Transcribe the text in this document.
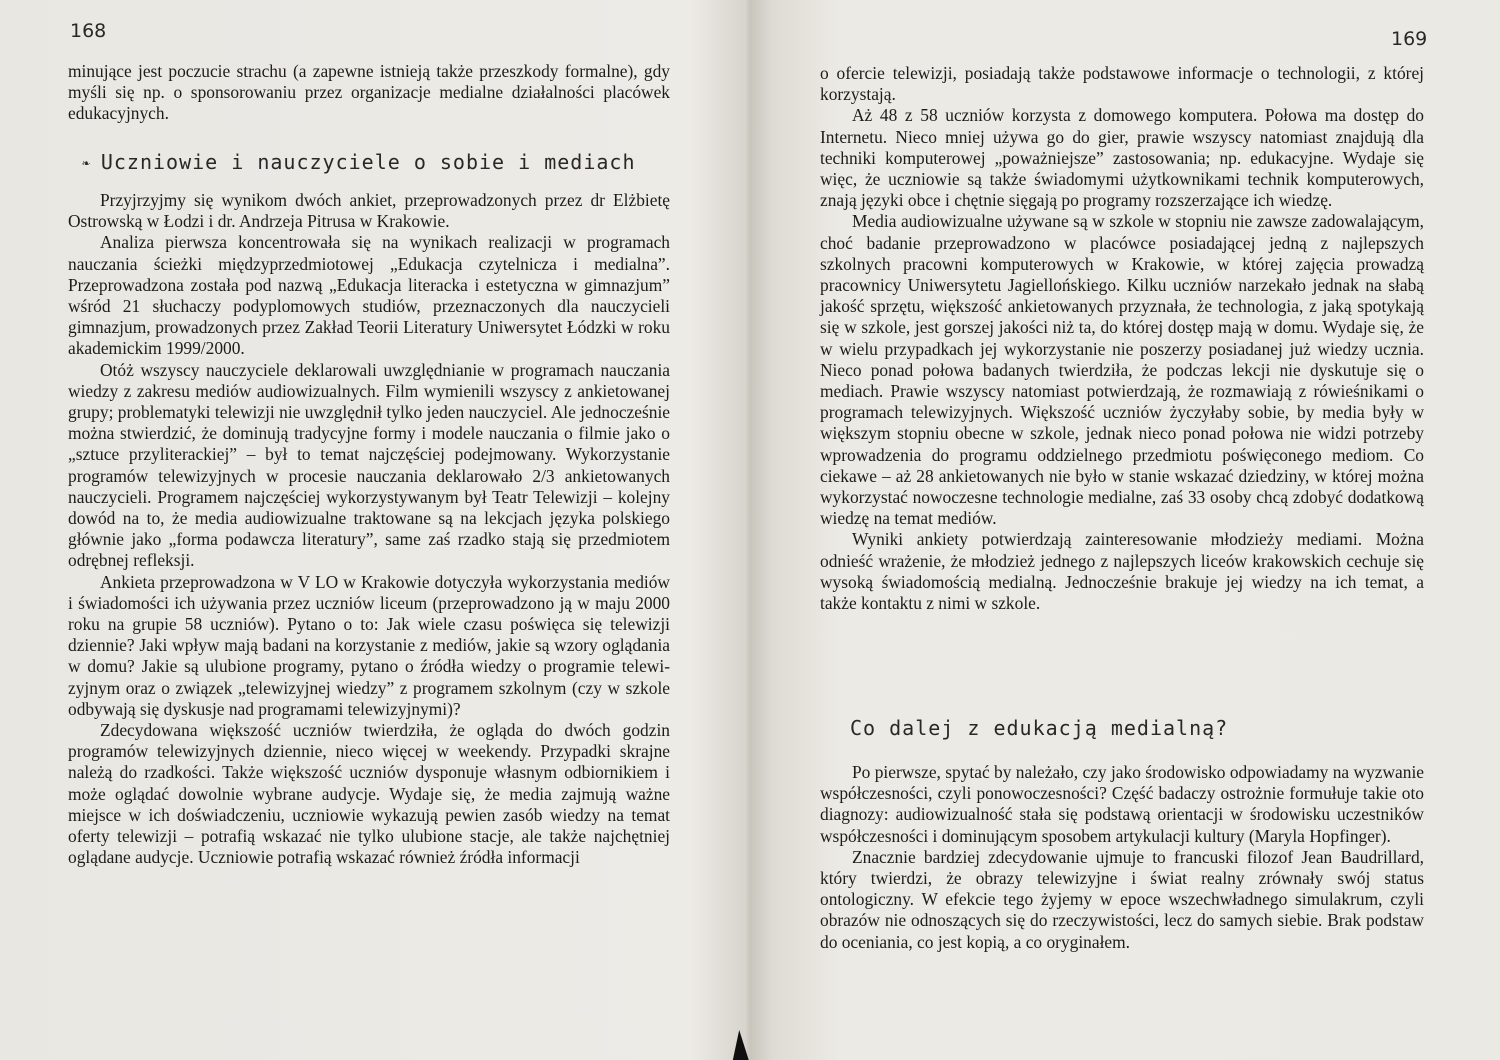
168

minujące jest poczucie strachu (a zapewne istnieją także przeszkody formalne), gdy myśli się np. o sponsorowaniu przez organizacje medialne działalności placówek edukacyjnych.

❧ Uczniowie i nauczyciele o sobie i mediach

Przyjrzyjmy się wynikom dwóch ankiet, przeprowadzonych przez dr Elżbietę Ostrowską w Łodzi i dr. Andrzeja Pitrusa w Krakowie.

Analiza pierwsza koncentrowała się na wynikach realizacji w programach nauczania ścieżki międzyprzedmiotowej „Edukacja czytelnicza i medialna”. Przeprowadzona została pod nazwą „Edukacja literacka i estetyczna w gimnazjum” wśród 21 słuchaczy podyplomowych studiów, przeznaczonych dla nauczycieli gimnazjum, prowadzonych przez Zakład Teorii Literatury Uniwersytet Łódzki w roku akademickim 1999/2000.

Otóż wszyscy nauczyciele deklarowali uwzględnianie w programach nauczania wiedzy z zakresu mediów audiowizualnych. Film wymienili wszyscy z ankietowanej grupy; problematyki telewizji nie uwzględnił tylko jeden nauczyciel. Ale jednocześnie można stwierdzić, że dominują tradycyjne formy i modele nauczania o filmie jako o „sztuce przyliterackiej” – był to temat najczęściej podejmowany. Wykorzystanie programów telewizyjnych w procesie nauczania deklarowało 2/3 ankietowanych nauczycieli. Programem najczęściej wykorzystywanym był Teatr Telewizji – kolejny dowód na to, że media audiowizualne traktowane są na lekcjach języka polskiego głównie jako „forma podawcza literatury”, same zaś rzadko stają się przedmiotem odrębnej refleksji.

Ankieta przeprowadzona w V LO w Krakowie dotyczyła wykorzystania mediów i świadomości ich używania przez uczniów liceum (przeprowadzono ją w maju 2000 roku na grupie 58 uczniów). Pytano o to: Jak wiele czasu poświęca się telewizji dziennie? Jaki wpływ mają badani na korzystanie z mediów, jakie są wzory oglądania w domu? Jakie są ulubione programy, pytano o źródła wiedzy o programie telewizyjnym oraz o związek „telewizyjnej wiedzy” z programem szkolnym (czy w szkole odbywają się dyskusje nad programami telewizyjnymi)?

Zdecydowana większość uczniów twierdziła, że ogląda do dwóch godzin programów telewizyjnych dziennie, nieco więcej w weekendy. Przypadki skrajne należą do rzadkości. Także większość uczniów dysponuje własnym odbiornikiem i może oglądać dowolnie wybrane audycje. Wydaje się, że media zajmują ważne miejsce w ich doświadczeniu, uczniowie wykazują pewien zasób wiedzy na temat oferty telewizji – potrafią wskazać nie tylko ulubione stacje, ale także najchętniej oglądane audycje. Uczniowie potrafią wskazać również źródła informacji

169

o ofercie telewizji, posiadają także podstawowe informacje o technologii, z której korzystają.

Aż 48 z 58 uczniów korzysta z domowego komputera. Połowa ma dostęp do Internetu. Nieco mniej używa go do gier, prawie wszyscy natomiast znajdują dla techniki komputerowej „poważniejsze” zastosowania; np. edukacyjne. Wydaje się więc, że uczniowie są także świadomymi użytkownikami technik komputerowych, znają języki obce i chętnie sięgają po programy rozszerzające ich wiedzę.

Media audiowizualne używane są w szkole w stopniu nie zawsze zadowalającym, choć badanie przeprowadzono w placówce posiadającej jedną z najlepszych szkolnych pracowni komputerowych w Krakowie, w której zajęcia prowadzą pracownicy Uniwersytetu Jagiellońskiego. Kilku uczniów narzekało jednak na słabą jakość sprzętu, większość ankietowanych przyznała, że technologia, z jaką spotykają się w szkole, jest gorszej jakości niż ta, do której dostęp mają w domu. Wydaje się, że w wielu przypadkach jej wykorzystanie nie poszerzy posiadanej już wiedzy ucznia. Nieco ponad połowa badanych twierdziła, że podczas lekcji nie dyskutuje się o mediach. Prawie wszyscy natomiast potwierdzają, że rozmawiają z rówieśnikami o programach telewizyjnych. Większość uczniów życzyłaby sobie, by media były w większym stopniu obecne w szkole, jednak nieco ponad połowa nie widzi potrzeby wprowadzenia do programu oddzielnego przedmiotu poświęconego mediom. Co ciekawe – aż 28 ankietowanych nie było w stanie wskazać dziedziny, w której można wykorzystać nowoczesne technologie medialne, zaś 33 osoby chcą zdobyć dodatkową wiedzę na temat mediów.

Wyniki ankiety potwierdzają zainteresowanie młodzieży mediami. Można odnieść wrażenie, że młodzież jednego z najlepszych liceów krakowskich cechuje się wysoką świadomością medialną. Jednocześnie brakuje jej wiedzy na ich temat, a także kontaktu z nimi w szkole.

Co dalej z edukacją medialną?

Po pierwsze, spytać by należało, czy jako środowisko odpowiadamy na wyzwanie współczesności, czyli ponowoczesności? Część badaczy ostrożnie formułuje takie oto diagnozy: audiowizualność stała się podstawą orientacji w środowisku uczestników współczesności i dominującym sposobem artykulacji kultury (Maryla Hopfinger).

Znacznie bardziej zdecydowanie ujmuje to francuski filozof Jean Baudrillard, który twierdzi, że obrazy telewizyjne i świat realny zrównały swój status ontologiczny. W efekcie tego żyjemy w epoce wszechwładnego simulakrum, czyli obrazów nie odnoszących się do rzeczywistości, lecz do samych siebie. Brak podstaw do oceniania, co jest kopią, a co oryginałem.
